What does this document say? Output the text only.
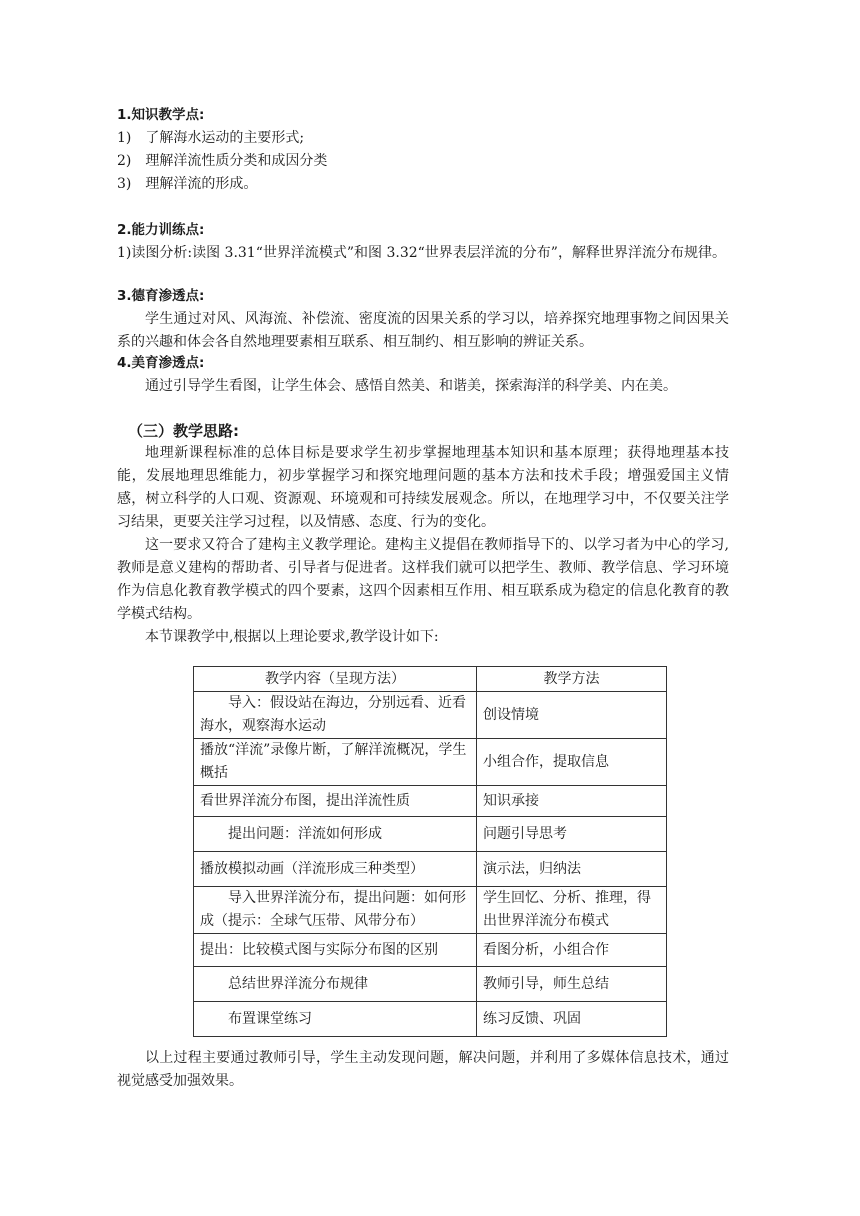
1.知识教学点:

1)　了解海水运动的主要形式;

2)　理解洋流性质分类和成因分类

3)　理解洋流的形成。

2.能力训练点:

1)读图分析:读图 3.31“世界洋流模式”和图 3.32“世界表层洋流的分布”，解释世界洋流分布规律。

3.德育渗透点:

学生通过对风、风海流、补偿流、密度流的因果关系的学习以，培养探究地理事物之间因果关系的兴趣和体会各自然地理要素相互联系、相互制约、相互影响的辨证关系。

4.美育渗透点:

通过引导学生看图，让学生体会、感悟自然美、和谐美，探索海洋的科学美、内在美。

（三）教学思路:

地理新课程标准的总体目标是要求学生初步掌握地理基本知识和基本原理；获得地理基本技能，发展地理思维能力，初步掌握学习和探究地理问题的基本方法和技术手段；增强爱国主义情感，树立科学的人口观、资源观、环境观和可持续发展观念。所以，在地理学习中，不仅要关注学习结果，更要关注学习过程，以及情感、态度、行为的变化。

这一要求又符合了建构主义教学理论。建构主义提倡在教师指导下的、以学习者为中心的学习,教师是意义建构的帮助者、引导者与促进者。这样我们就可以把学生、教师、教学信息、学习环境作为信息化教育教学模式的四个要素，这四个因素相互作用、相互联系成为稳定的信息化教育的教学模式结构。

本节课教学中,根据以上理论要求,教学设计如下:

教学内容（呈现方法）	教学方法
导入：假设站在海边，分别远看、近看海水，观察海水运动	创设情境
播放“洋流”录像片断，了解洋流概况，学生概括	小组合作，提取信息
看世界洋流分布图，提出洋流性质	知识承接
提出问题：洋流如何形成	问题引导思考
播放模拟动画（洋流形成三种类型）	演示法，归纳法
导入世界洋流分布，提出问题：如何形成（提示：全球气压带、风带分布）	学生回忆、分析、推理，得出世界洋流分布模式
提出：比较模式图与实际分布图的区别	看图分析，小组合作
总结世界洋流分布规律	教师引导，师生总结
布置课堂练习	练习反馈、巩固

以上过程主要通过教师引导，学生主动发现问题，解决问题，并利用了多媒体信息技术，通过视觉感受加强效果。
